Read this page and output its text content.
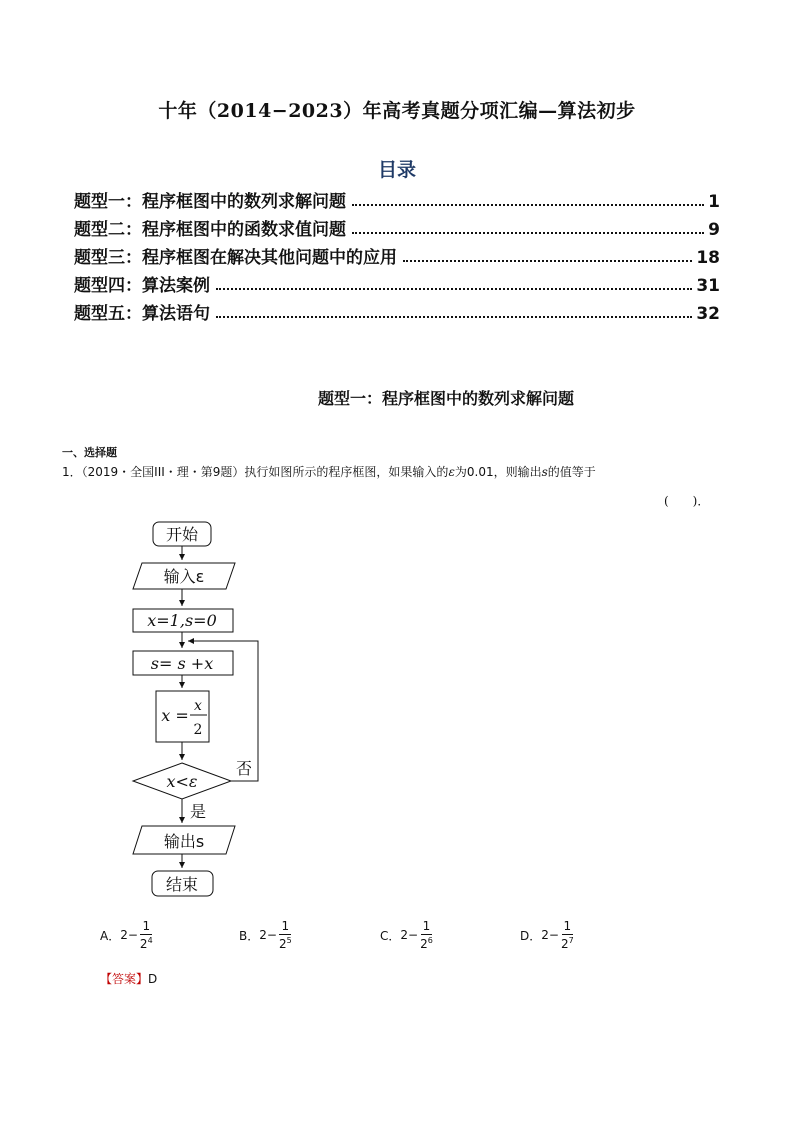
十年（2014−2023）年高考真题分项汇编—算法初步
目录
题型一：程序框图中的数列求解问题	1
题型二：程序框图中的函数求值问题	9
题型三：程序框图在解决其他问题中的应用	18
题型四：算法案例	31
题型五：算法语句	32
题型一：程序框图中的数列求解问题
一、选择题
1．（2019・全国III・理・第9题）执行如图所示的程序框图，如果输入的ε为0.01，则输出s的值等于
(　　)．
开始
输入ε
x=1,s=0
s= s +x
x = x
2
x<ε
否
是
输出s
结束
A． $2- \frac{1}{2^4}$	B． $2- \frac{1}{2^5}$	C． $2- \frac{1}{2^6}$	D． $2- \frac{1}{2^7}$
【答案】D
